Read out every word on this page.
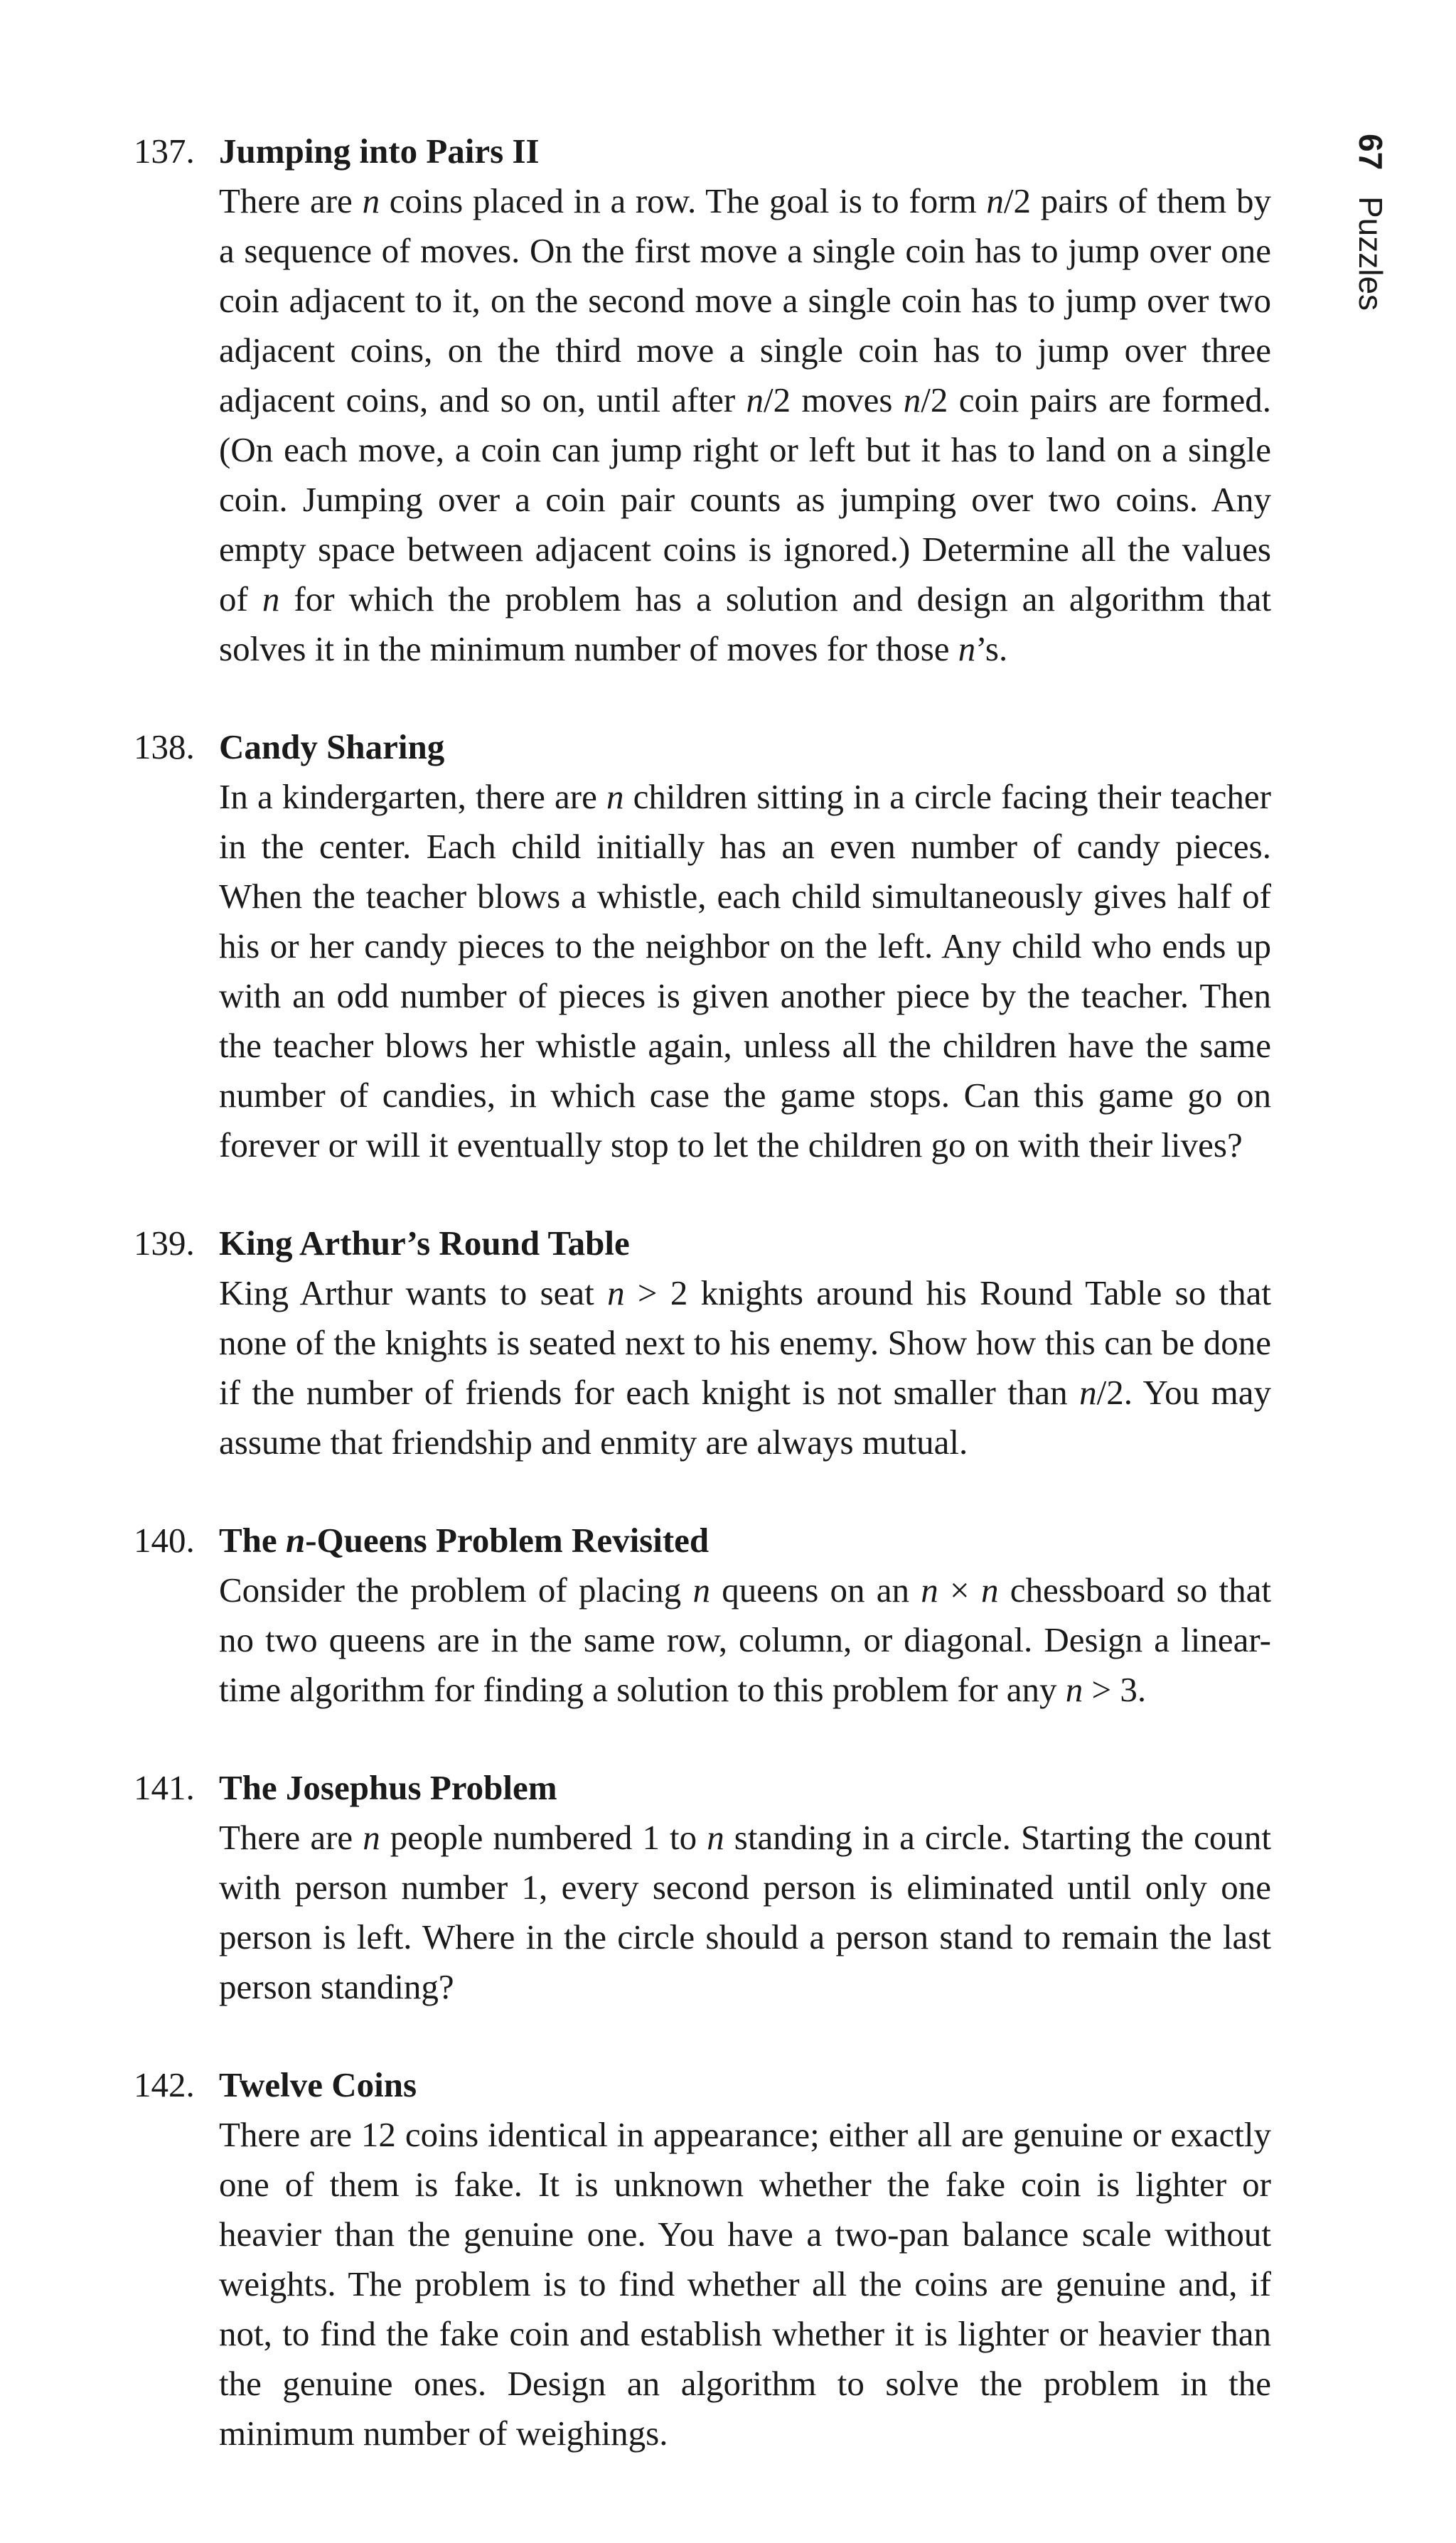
67 Puzzles
137. Jumping into Pairs II

There are n coins placed in a row. The goal is to form n/2 pairs of them by a sequence of moves. On the first move a single coin has to jump over one coin adjacent to it, on the second move a single coin has to jump over two adjacent coins, on the third move a single coin has to jump over three adjacent coins, and so on, until after n/2 moves n/2 coin pairs are formed. (On each move, a coin can jump right or left but it has to land on a single coin. Jumping over a coin pair counts as jumping over two coins. Any empty space between adjacent coins is ignored.) Determine all the values of n for which the problem has a solution and design an algorithm that solves it in the minimum number of moves for those n’s.

138. Candy Sharing

In a kindergarten, there are n children sitting in a circle facing their teacher in the center. Each child initially has an even number of candy pieces. When the teacher blows a whistle, each child simultaneously gives half of his or her candy pieces to the neighbor on the left. Any child who ends up with an odd number of pieces is given another piece by the teacher. Then the teacher blows her whistle again, unless all the children have the same number of candies, in which case the game stops. Can this game go on forever or will it eventually stop to let the children go on with their lives?

139. King Arthur’s Round Table

King Arthur wants to seat n > 2 knights around his Round Table so that none of the knights is seated next to his enemy. Show how this can be done if the number of friends for each knight is not smaller than n/2. You may assume that friendship and enmity are always mutual.

140. The n-Queens Problem Revisited

Consider the problem of placing n queens on an n × n chessboard so that no two queens are in the same row, column, or diagonal. Design a linear-time algorithm for finding a solution to this problem for any n > 3.

141. The Josephus Problem

There are n people numbered 1 to n standing in a circle. Starting the count with person number 1, every second person is eliminated until only one person is left. Where in the circle should a person stand to remain the last person standing?

142. Twelve Coins

There are 12 coins identical in appearance; either all are genuine or exactly one of them is fake. It is unknown whether the fake coin is lighter or heavier than the genuine one. You have a two-pan balance scale without weights. The problem is to find whether all the coins are genuine and, if not, to find the fake coin and establish whether it is lighter or heavier than the genuine ones. Design an algorithm to solve the problem in the minimum number of weighings.
